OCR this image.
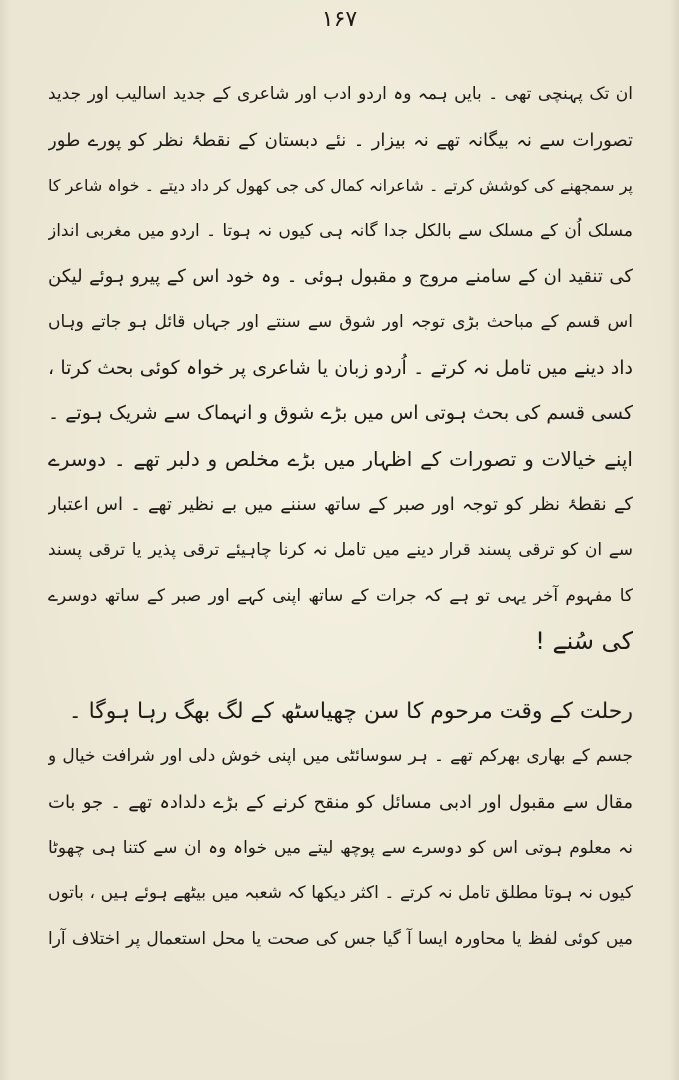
۱۶۷

ان تک پہنچی تھی ۔ بایں ہمہ وہ اردو ادب اور شاعری کے جدید اسالیب اور جدید
تصورات سے نہ بیگانہ تھے نہ بیزار ۔ نئے دبستان کے نقطۂ نظر کو پورے طور
پر سمجھنے کی کوشش کرتے ۔ شاعرانہ کمال کی جی کھول کر داد دیتے ۔ خواہ شاعر کا
مسلک اُن کے مسلک سے بالکل جدا گانہ ہی کیوں نہ ہوتا ۔ اردو میں مغربی انداز
کی تنقید ان کے سامنے مروج و مقبول ہوئی ۔ وہ خود اس کے پیرو ہوئے لیکن
اس قسم کے مباحث بڑی توجہ اور شوق سے سنتے اور جہاں قائل ہو جاتے وہاں
داد دینے میں تامل نہ کرتے ۔ اُردو زبان یا شاعری پر خواہ کوئی بحث کرتا ،
کسی قسم کی بحث ہوتی اس میں بڑے شوق و انہماک سے شریک ہوتے ۔
اپنے خیالات و تصورات کے اظہار میں بڑے مخلص و دلبر تھے ۔ دوسرے
کے نقطۂ نظر کو توجہ اور صبر کے ساتھ سننے میں بے نظیر تھے ۔ اس اعتبار
سے ان کو ترقی پسند قرار دینے میں تامل نہ کرنا چاہیئے ترقی پذیر یا ترقی پسند
کا مفہوم آخر یہی تو ہے کہ جرات کے ساتھ اپنی کہے اور صبر کے ساتھ دوسرے
کی سُنے !

رحلت کے وقت مرحوم کا سن چھیاسٹھ کے لگ بھگ رہا ہوگا ۔
جسم کے بھاری بھرکم تھے ۔ ہر سوسائٹی میں اپنی خوش دلی اور شرافت خیال و
مقال سے مقبول اور ادبی مسائل کو منقح کرنے کے بڑے دلدادہ تھے ۔ جو بات
نہ معلوم ہوتی اس کو دوسرے سے پوچھ لیتے میں خواہ وہ ان سے کتنا ہی چھوٹا
کیوں نہ ہوتا مطلق تامل نہ کرتے ۔ اکثر دیکھا کہ شعبہ میں بیٹھے ہوئے ہیں ، باتوں
میں کوئی لفظ یا محاورہ ایسا آ گیا جس کی صحت یا محل استعمال پر اختلاف آرا
